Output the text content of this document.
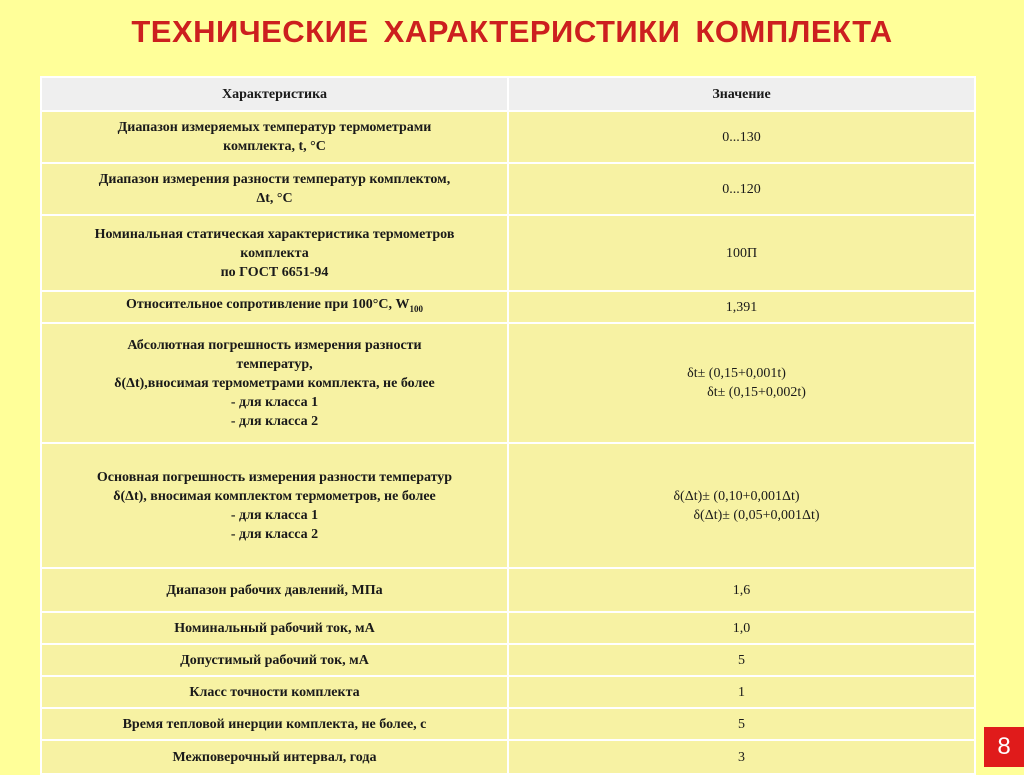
ТЕХНИЧЕСКИЕ ХАРАКТЕРИСТИКИ КОМПЛЕКТА
Характеристика	Значение

Диапазон измеряемых температур термометрами
комплекта, t, °С	0...130

Диапазон измерения разности температур комплектом,
Δt, °С	0...120

Номинальная статическая характеристика термометров
комплекта
по ГОСТ 6651-94	100П
Относительное сопротивление при 100°С, $W_{100}$	1,391

Абсолютная погрешность измерения разности
температур,
δ(Δt),вносимая термометрами комплекта, не более
- для класса 1
- для класса 2	δt± (0,15+0,001t)
δt± (0,15+0,002t)

Основная погрешность измерения разности температур
δ(Δt), вносимая комплектом термометров, не более
- для класса 1
- для класса 2	δ(Δt)± (0,10+0,001Δt)
δ(Δt)± (0,05+0,001Δt)

Диапазон рабочих давлений, МПа	1,6
Номинальный рабочий ток, мА	1,0
Допустимый рабочий ток, мА	5
Класс точности комплекта	1
Время тепловой инерции комплекта, не более, с	5
Межповерочный интервал, года	3	8
